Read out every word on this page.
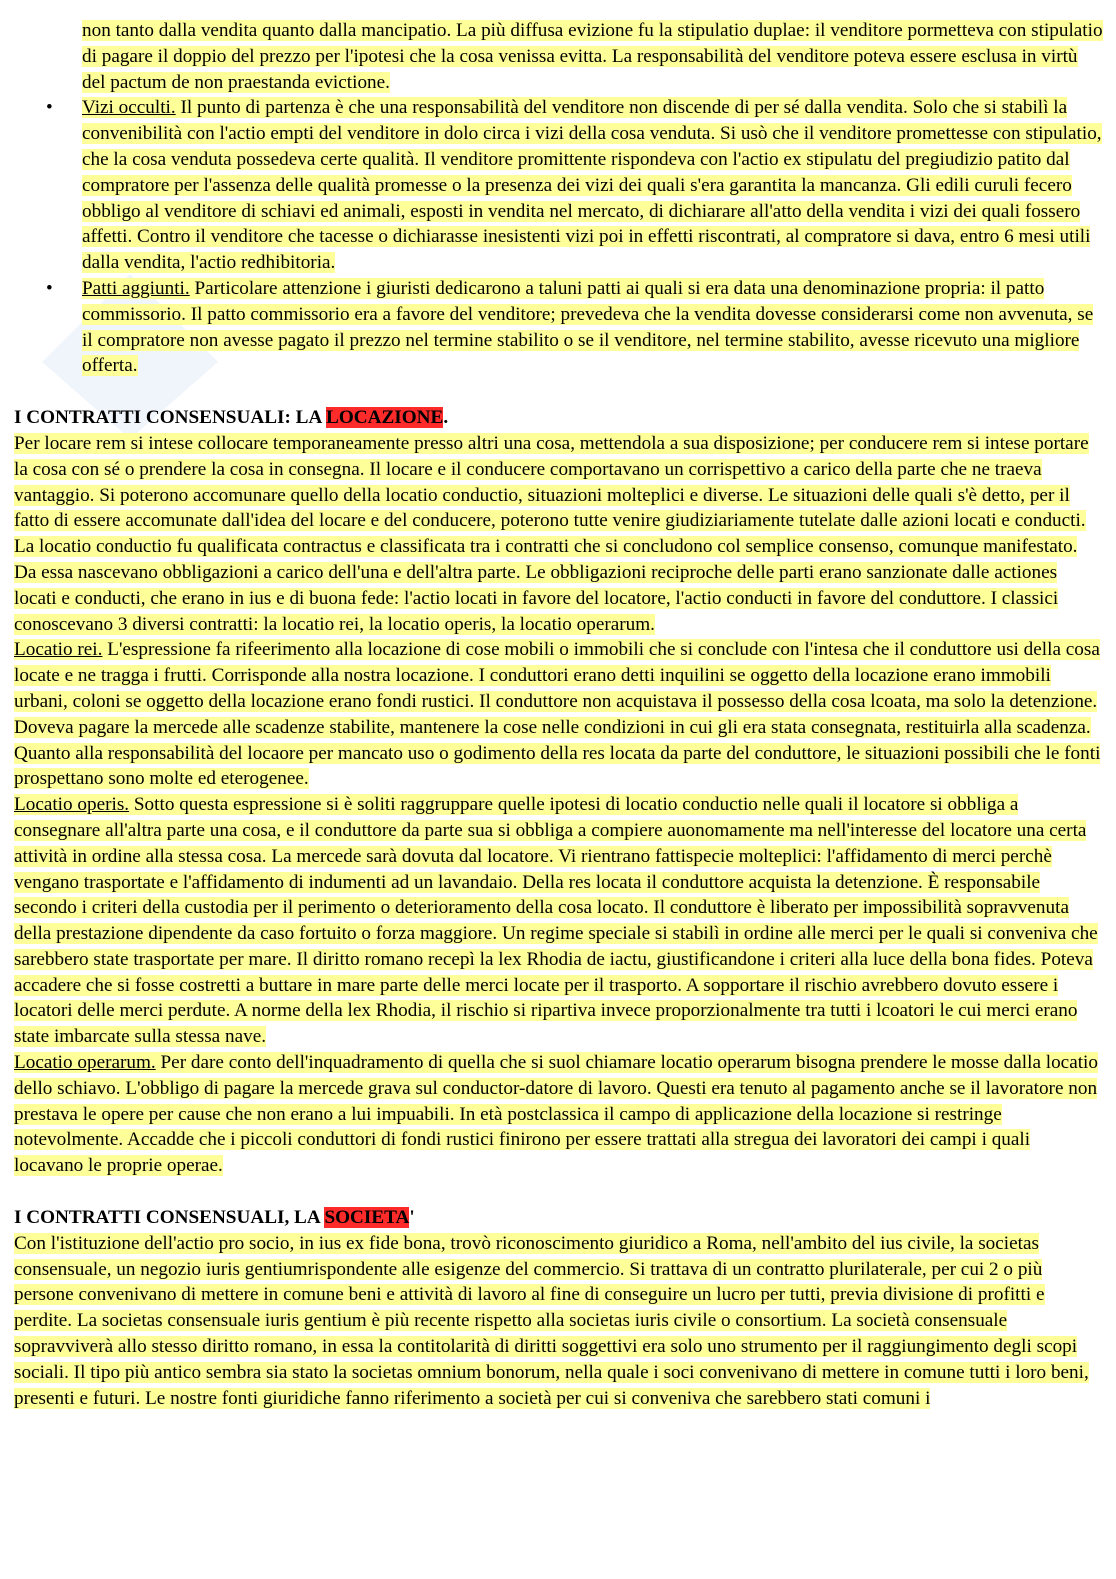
non tanto dalla vendita quanto dalla mancipatio. La più diffusa evizione fu la stipulatio duplae: il venditore pormetteva con stipulatio di pagare il doppio del prezzo per l'ipotesi che la cosa venissa evitta. La responsabilità del venditore poteva essere esclusa in virtù del pactum de non praestanda evictione.
• Vizi occulti. Il punto di partenza è che una responsabilità del venditore non discende di per sé dalla vendita. Solo che si stabilì la convenibilità con l'actio empti del venditore in dolo circa i vizi della cosa venduta. Si usò che il venditore promettesse con stipulatio, che la cosa venduta possedeva certe qualità. Il venditore promittente rispondeva con l'actio ex stipulatu del pregiudizio patito dal compratore per l'assenza delle qualità promesse o la presenza dei vizi dei quali s'era garantita la mancanza. Gli edili curuli fecero obbligo al venditore di schiavi ed animali, esposti in vendita nel mercato, di dichiarare all'atto della vendita i vizi dei quali fossero affetti. Contro il venditore che tacesse o dichiarasse inesistenti vizi poi in effetti riscontrati, al compratore si dava, entro 6 mesi utili dalla vendita, l'actio redhibitoria.
• Patti aggiunti. Particolare attenzione i giuristi dedicarono a taluni patti ai quali si era data una denominazione propria: il patto commissorio. Il patto commissorio era a favore del venditore; prevedeva che la vendita dovesse considerarsi come non avvenuta, se il compratore non avesse pagato il prezzo nel termine stabilito o se il venditore, nel termine stabilito, avesse ricevuto una migliore offerta.
I CONTRATTI CONSENSUALI: LA LOCAZIONE.
Per locare rem si intese collocare temporaneamente presso altri una cosa, mettendola a sua disposizione; per conducere rem si intese portare la cosa con sé o prendere la cosa in consegna. Il locare e il conducere comportavano un corrispettivo a carico della parte che ne traeva vantaggio. Si poterono accomunare quello della locatio conductio, situazioni molteplici e diverse. Le situazioni delle quali s'è detto, per il fatto di essere accomunate dall'idea del locare e del conducere, poterono tutte venire giudiziariamente tutelate dalle azioni locati e conducti. La locatio conductio fu qualificata contractus e classificata tra i contratti che si concludono col semplice consenso, comunque manifestato. Da essa nascevano obbligazioni a carico dell'una e dell'altra parte. Le obbligazioni reciproche delle parti erano sanzionate dalle actiones locati e conducti, che erano in ius e di buona fede: l'actio locati in favore del locatore, l'actio conducti in favore del conduttore. I classici conoscevano 3 diversi contratti: la locatio rei, la locatio operis, la locatio operarum.
Locatio rei. L'espressione fa rifeerimento alla locazione di cose mobili o immobili che si conclude con l'intesa che il conduttore usi della cosa locate e ne tragga i frutti. Corrisponde alla nostra locazione. I conduttori erano detti inquilini se oggetto della locazione erano immobili urbani, coloni se oggetto della locazione erano fondi rustici. Il conduttore non acquistava il possesso della cosa lcoata, ma solo la detenzione. Doveva pagare la mercede alle scadenze stabilite, mantenere la cose nelle condizioni in cui gli era stata consegnata, restituirla alla scadenza. Quanto alla responsabilità del locaore per mancato uso o godimento della res locata da parte del conduttore, le situazioni possibili che le fonti prospettano sono molte ed eterogenee.
Locatio operis. Sotto questa espressione si è soliti raggruppare quelle ipotesi di locatio conductio nelle quali il locatore si obbliga a consegnare all'altra parte una cosa, e il conduttore da parte sua si obbliga a compiere auonomamente ma nell'interesse del locatore una certa attività in ordine alla stessa cosa. La mercede sarà dovuta dal locatore. Vi rientrano fattispecie molteplici: l'affidamento di merci perchè vengano trasportate e l'affidamento di indumenti ad un lavandaio. Della res locata il conduttore acquista la detenzione. È responsabile secondo i criteri della custodia per il perimento o deterioramento della cosa locato. Il conduttore è liberato per impossibilità sopravvenuta della prestazione dipendente da caso fortuito o forza maggiore. Un regime speciale si stabilì in ordine alle merci per le quali si conveniva che sarebbero state trasportate per mare. Il diritto romano recepì la lex Rhodia de iactu, giustificandone i criteri alla luce della bona fides. Poteva accadere che si fosse costretti a buttare in mare parte delle merci locate per il trasporto. A sopportare il rischio avrebbero dovuto essere i locatori delle merci perdute. A norme della lex Rhodia, il rischio si ripartiva invece proporzionalmente tra tutti i lcoatori le cui merci erano state imbarcate sulla stessa nave.
Locatio operarum. Per dare conto dell'inquadramento di quella che si suol chiamare locatio operarum bisogna prendere le mosse dalla locatio dello schiavo. L'obbligo di pagare la mercede grava sul conductor-datore di lavoro. Questi era tenuto al pagamento anche se il lavoratore non prestava le opere per cause che non erano a lui impuabili. In età postclassica il campo di applicazione della locazione si restringe notevolmente. Accadde che i piccoli conduttori di fondi rustici finirono per essere trattati alla stregua dei lavoratori dei campi i quali locavano le proprie operae.
I CONTRATTI CONSENSUALI, LA SOCIETA'
Con l'istituzione dell'actio pro socio, in ius ex fide bona, trovò riconoscimento giuridico a Roma, nell'ambito del ius civile, la societas consensuale, un negozio iuris gentiumrispondente alle esigenze del commercio. Si trattava di un contratto plurilaterale, per cui 2 o più persone convenivano di mettere in comune beni e attività di lavoro al fine di conseguire un lucro per tutti, previa divisione di profitti e perdite. La societas consensuale iuris gentium è più recente rispetto alla societas iuris civile o consortium. La società consensuale sopravviverà allo stesso diritto romano, in essa la contitolarità di diritti soggettivi era solo uno strumento per il raggiungimento degli scopi sociali. Il tipo più antico sembra sia stato la societas omnium bonorum, nella quale i soci convenivano di mettere in comune tutti i loro beni, presenti e futuri. Le nostre fonti giuridiche fanno riferimento a società per cui si conveniva che sarebbero stati comuni i
